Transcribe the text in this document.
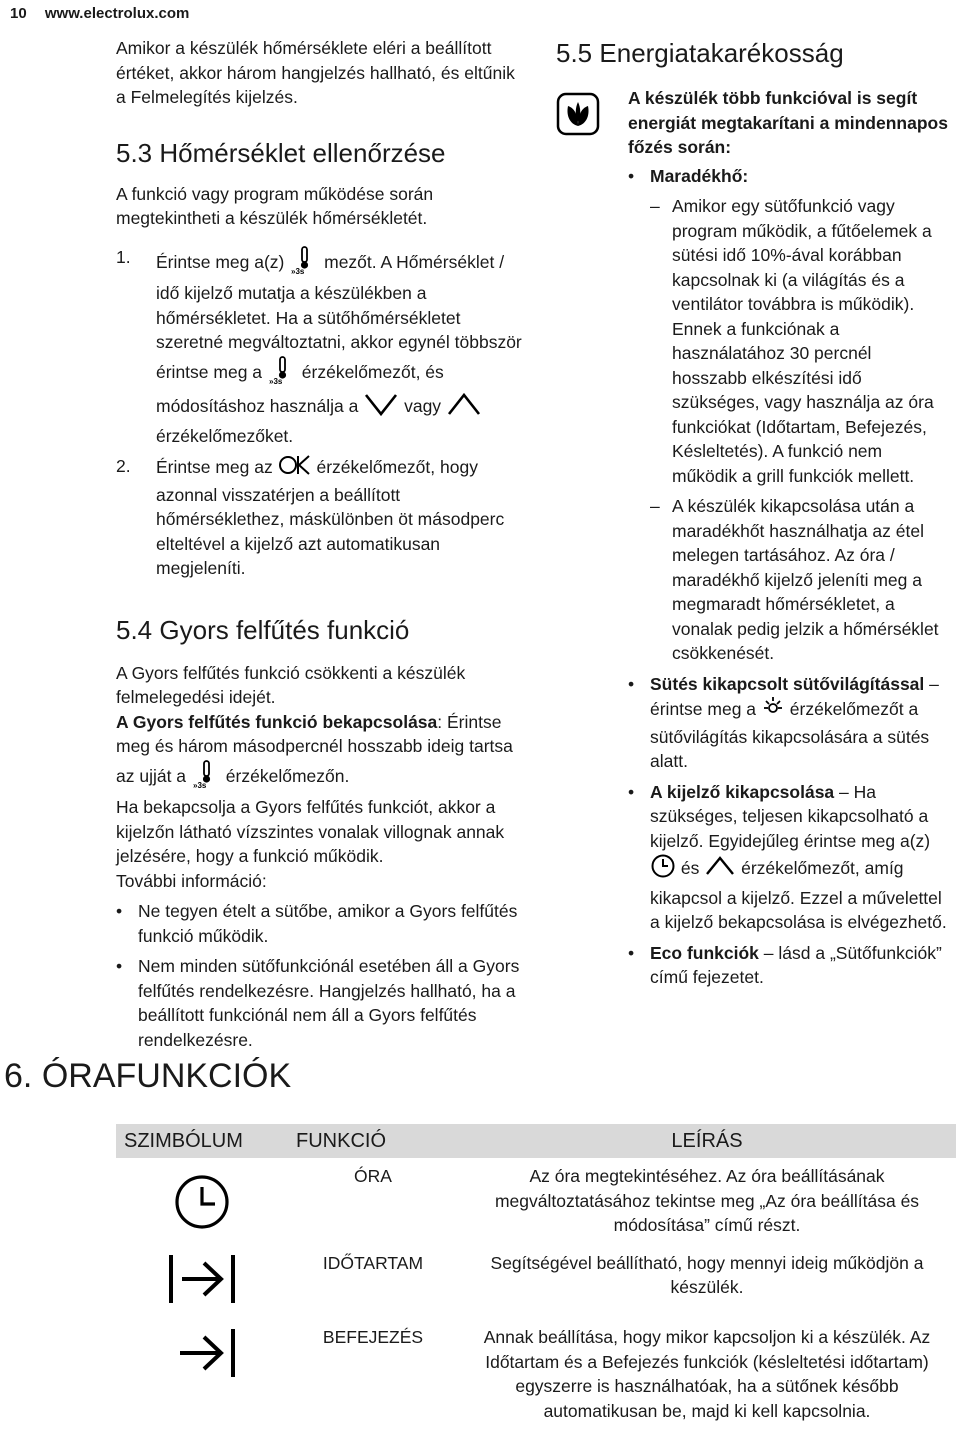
10 www.electrolux.com

Amikor a készülék hőmérséklete eléri a beállított értéket, akkor három hangjelzés hallható, és eltűnik a Felmelegítés kijelzés.

5.3 Hőmérséklet ellenőrzése

A funkció vagy program működése során megtekintheti a készülék hőmérsékletét.

1. Érintse meg a(z) »3s mezőt. A Hőmérséklet / idő kijelző mutatja a készülékben a hőmérsékletet. Ha a sütőhőmérsékletet szeretné megváltoztatni, akkor egynél többször érintse meg a »3s érzékelőmezőt, és módosításhoz használja a	vagy  érzékelőmezőket.
2. Érintse meg az	érzékelőmezőt, hogy azonnal visszatérjen a beállított hőmérséklethez, máskülönben öt másodperc elteltével a kijelző azt automatikusan megjeleníti.
5.4 Gyors felfűtés funkció

A Gyors felfűtés funkció csökkenti a készülék felmelegedési idejét.

A Gyors felfűtés funkció bekapcsolása: Érintse meg és három másodpercnél hosszabb ideig tartsa az ujját a »3s érzékelőmezőn.

Ha bekapcsolja a Gyors felfűtés funkciót, akkor a kijelzőn látható vízszintes vonalak villognak annak jelzésére, hogy a funkció működik.

További információ:

• Ne tegyen ételt a sütőbe, amikor a Gyors felfűtés funkció működik.
• Nem minden sütőfunkciónál esetében áll a Gyors felfűtés rendelkezésre. Hangjelzés hallható, ha a beállított funkciónál nem áll a Gyors felfűtés rendelkezésre.
5.5 Energiatakarékosság

A készülék több funkcióval is segít energiát megtakarítani a mindennapos főzés során:

• Maradékhő:
– Amikor egy sütőfunkció vagy program működik, a fűtőelemek a sütési idő 10%-ával korábban kapcsolnak ki (a világítás és a ventilátor továbbra is működik). Ennek a funkciónak a használatához 30 percnél hosszabb elkészítési idő szükséges, vagy használja az óra funkciókat (Időtartam, Befejezés, Késleltetés). A funkció nem működik a grill funkciók mellett.
– A készülék kikapcsolása után a maradékhőt használhatja az étel melegen tartásához. Az óra / maradékhő kijelző jeleníti meg a megmaradt hőmérsékletet, a vonalak pedig jelzik a hőmérséklet csökkenését.
• Sütés kikapcsolt sütővilágítással – érintse meg a érzékelőmezőt a sütővilágítás kikapcsolására a sütés alatt.
• A kijelző kikapcsolása – Ha szükséges, teljesen kikapcsolható a kijelző. Egyidejűleg érintse meg a(z)  és érzékelőmezőt, amíg kikapcsol a kijelző. Ezzel a művelettel a kijelző bekapcsolása is elvégezhető.
• Eco funkciók – lásd a „Sütőfunkciók” című fejezetet.
6. ÓRAFUNKCIÓK
SZIMBÓLUM	FUNKCIÓ	LEÍRÁS
	ÓRA	Az óra megtekintéséhez. Az óra beállításának megváltoztatásához tekintse meg „Az óra beállítása és módosítása” című részt.
	IDŐTARTAM	Segítségével beállítható, hogy mennyi ideig működjön a készülék.
	BEFEJEZÉS	Annak beállítása, hogy mikor kapcsoljon ki a készülék. Az Időtartam és a Befejezés funkciók (késleltetési időtartam) egyszerre is használhatóak, ha a sütőnek később automatikusan be, majd ki kell kapcsolnia.
